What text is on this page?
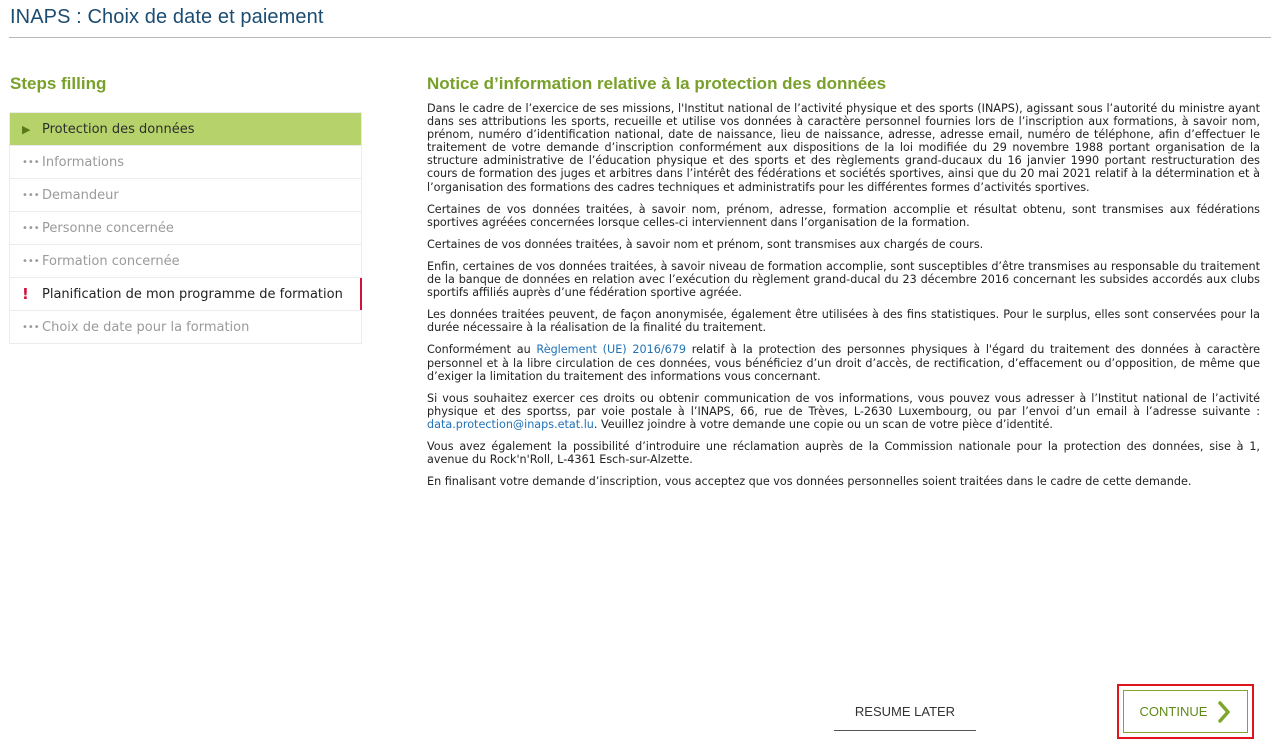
INAPS : Choix de date et paiement
Steps filling
▶ Protection des données
••• Informations
••• Demandeur
••• Personne concernée
••• Formation concernée
!	Planification de mon programme de formation
••• Choix de date pour la formation
Notice d’information relative à la protection des données

Dans le cadre de l’exercice de ses missions, l'Institut national de l’activité physique et des sports (INAPS), agissant sous l’autorité du ministre ayant dans ses attributions les sports, recueille et utilise vos données à caractère personnel fournies lors de l’inscription aux formations, à savoir nom, prénom, numéro d’identification national, date de naissance, lieu de naissance, adresse, adresse email, numéro de téléphone, afin d’effectuer le traitement de votre demande d’inscription conformément aux dispositions de la loi modifiée du 29 novembre 1988 portant organisation de la structure administrative de l’éducation physique et des sports et des règlements grand-ducaux du 16 janvier 1990 portant restructuration des cours de formation des juges et arbitres dans l’intérêt des fédérations et sociétés sportives, ainsi que du 20 mai 2021 relatif à la détermination et à l’organisation des formations des cadres techniques et administratifs pour les différentes formes d’activités sportives.

Certaines de vos données traitées, à savoir nom, prénom, adresse, formation accomplie et résultat obtenu, sont transmises aux fédérations sportives agréées concernées lorsque celles-ci interviennent dans l’organisation de la formation.

Certaines de vos données traitées, à savoir nom et prénom, sont transmises aux chargés de cours.

Enfin, certaines de vos données traitées, à savoir niveau de formation accomplie, sont susceptibles d’être transmises au responsable du traitement de la banque de données en relation avec l’exécution du règlement grand-ducal du 23 décembre 2016 concernant les subsides accordés aux clubs sportifs affiliés auprès d’une fédération sportive agréée.

Les données traitées peuvent, de façon anonymisée, également être utilisées à des fins statistiques. Pour le surplus, elles sont conservées pour la durée nécessaire à la réalisation de la finalité du traitement.

Conformément au Règlement (UE) 2016/679 relatif à la protection des personnes physiques à l'égard du traitement des données à caractère personnel et à la libre circulation de ces données, vous bénéficiez d’un droit d’accès, de rectification, d’effacement ou d’opposition, de même que d’exiger la limitation du traitement des informations vous concernant.

Si vous souhaitez exercer ces droits ou obtenir communication de vos informations, vous pouvez vous adresser à l’Institut national de l’activité physique et des sportss, par voie postale à l’INAPS, 66, rue de Trèves, L-2630 Luxembourg, ou par l’envoi d’un email à l’adresse suivante : data.protection@inaps.etat.lu. Veuillez joindre à votre demande une copie ou un scan de votre pièce d’identité.

Vous avez également la possibilité d’introduire une réclamation auprès de la Commission nationale pour la protection des données, sise à 1, avenue du Rock'n'Roll, L-4361 Esch-sur-Alzette.

En finalisant votre demande d’inscription, vous acceptez que vos données personnelles soient traitées dans le cadre de cette demande.

RESUME LATER	CONTINUE
